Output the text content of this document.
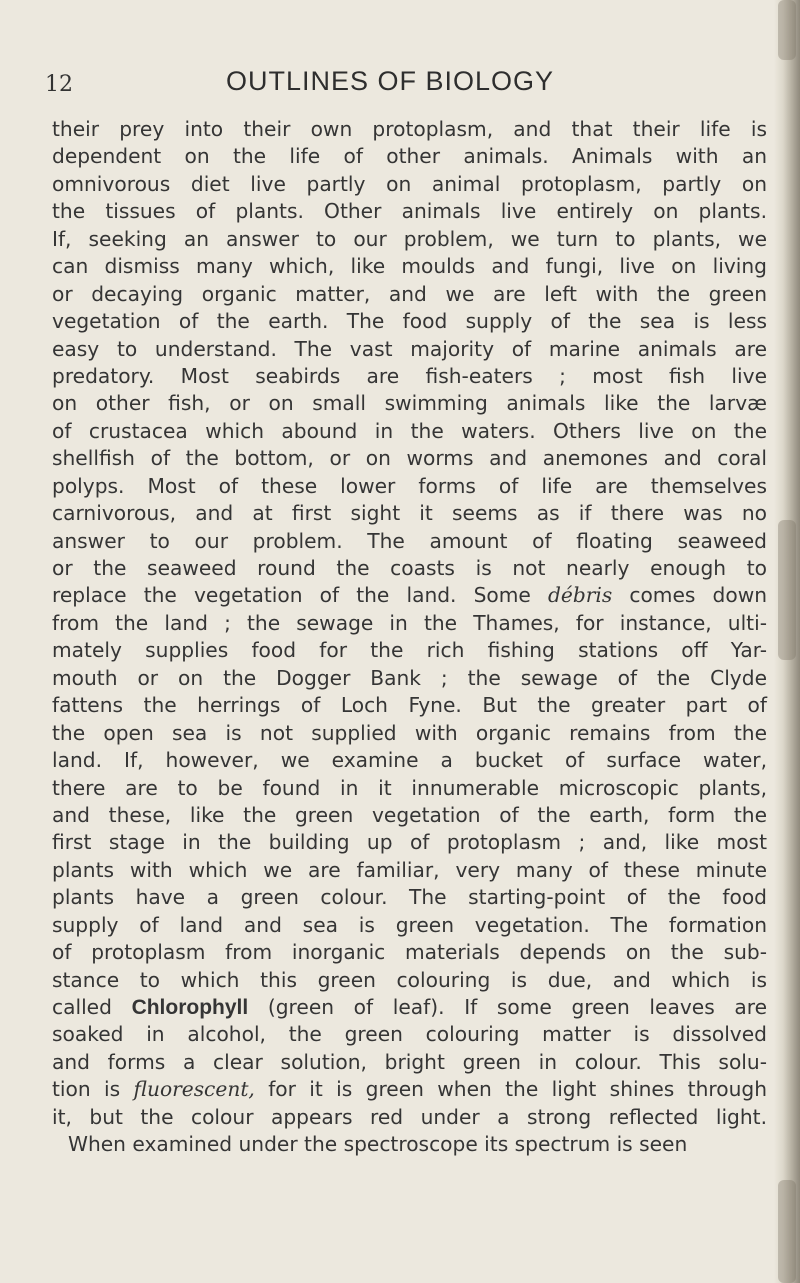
12	OUTLINES OF BIOLOGY
their prey into their own protoplasm, and that their life is
dependent on the life of other animals. Animals with an
omnivorous diet live partly on animal protoplasm, partly on
the tissues of plants. Other animals live entirely on plants.
If, seeking an answer to our problem, we turn to plants, we
can dismiss many which, like moulds and fungi, live on living
or decaying organic matter, and we are left with the green
vegetation of the earth. The food supply of the sea is less
easy to understand. The vast majority of marine animals are
predatory. Most seabirds are fish-eaters ; most fish live
on other fish, or on small swimming animals like the larvæ
of crustacea which abound in the waters. Others live on the
shellfish of the bottom, or on worms and anemones and coral
polyps. Most of these lower forms of life are themselves
carnivorous, and at first sight it seems as if there was no
answer to our problem. The amount of floating seaweed
or the seaweed round the coasts is not nearly enough to
replace the vegetation of the land. Some débris comes down
from the land ; the sewage in the Thames, for instance, ulti-
mately supplies food for the rich fishing stations off Yar-
mouth or on the Dogger Bank ; the sewage of the Clyde
fattens the herrings of Loch Fyne. But the greater part of
the open sea is not supplied with organic remains from the
land. If, however, we examine a bucket of surface water,
there are to be found in it innumerable microscopic plants,
and these, like the green vegetation of the earth, form the
first stage in the building up of protoplasm ; and, like most
plants with which we are familiar, very many of these minute
plants have a green colour. The starting-point of the food
supply of land and sea is green vegetation. The formation
of protoplasm from inorganic materials depends on the sub-
stance to which this green colouring is due, and which is
called Chlorophyll (green of leaf). If some green leaves are
soaked in alcohol, the green colouring matter is dissolved
and forms a clear solution, bright green in colour. This solu-
tion is fluorescent, for it is green when the light shines through
it, but the colour appears red under a strong reflected light.
When examined under the spectroscope its spectrum is seen
